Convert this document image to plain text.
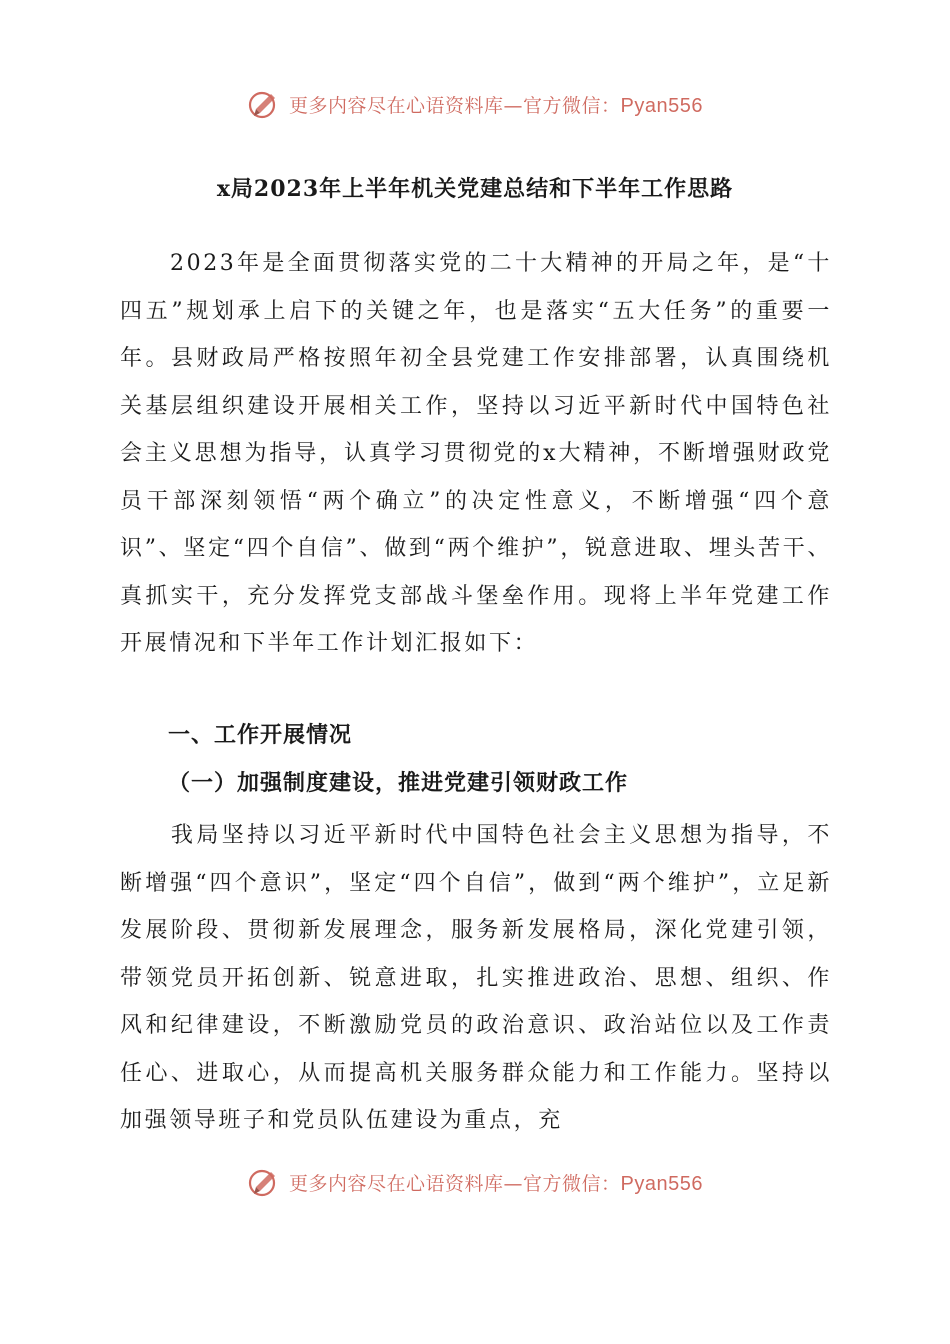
更多内容尽在心语资料库—官方微信：Pyan556
x局2023年上半年机关党建总结和下半年工作思路
2023年是全面贯彻落实党的二十大精神的开局之年，是“十四五”规划承上启下的关键之年，也是落实“五大任务”的重要一年。县财政局严格按照年初全县党建工作安排部署，认真围绕机关基层组织建设开展相关工作，坚持以习近平新时代中国特色社会主义思想为指导，认真学习贯彻党的x大精神，不断增强财政党员干部深刻领悟“两个确立”的决定性意义，不断增强“四个意识”、坚定“四个自信”、做到“两个维护”，锐意进取、埋头苦干、真抓实干，充分发挥党支部战斗堡垒作用。现将上半年党建工作开展情况和下半年工作计划汇报如下：
一、工作开展情况
（一）加强制度建设，推进党建引领财政工作
我局坚持以习近平新时代中国特色社会主义思想为指导，不断增强“四个意识”，坚定“四个自信”，做到“两个维护”，立足新发展阶段、贯彻新发展理念，服务新发展格局，深化党建引领，带领党员开拓创新、锐意进取，扎实推进政治、思想、组织、作风和纪律建设，不断激励党员的政治意识、政治站位以及工作责任心、进取心，从而提高机关服务群众能力和工作能力。坚持以加强领导班子和党员队伍建设为重点，充
更多内容尽在心语资料库—官方微信：Pyan556
